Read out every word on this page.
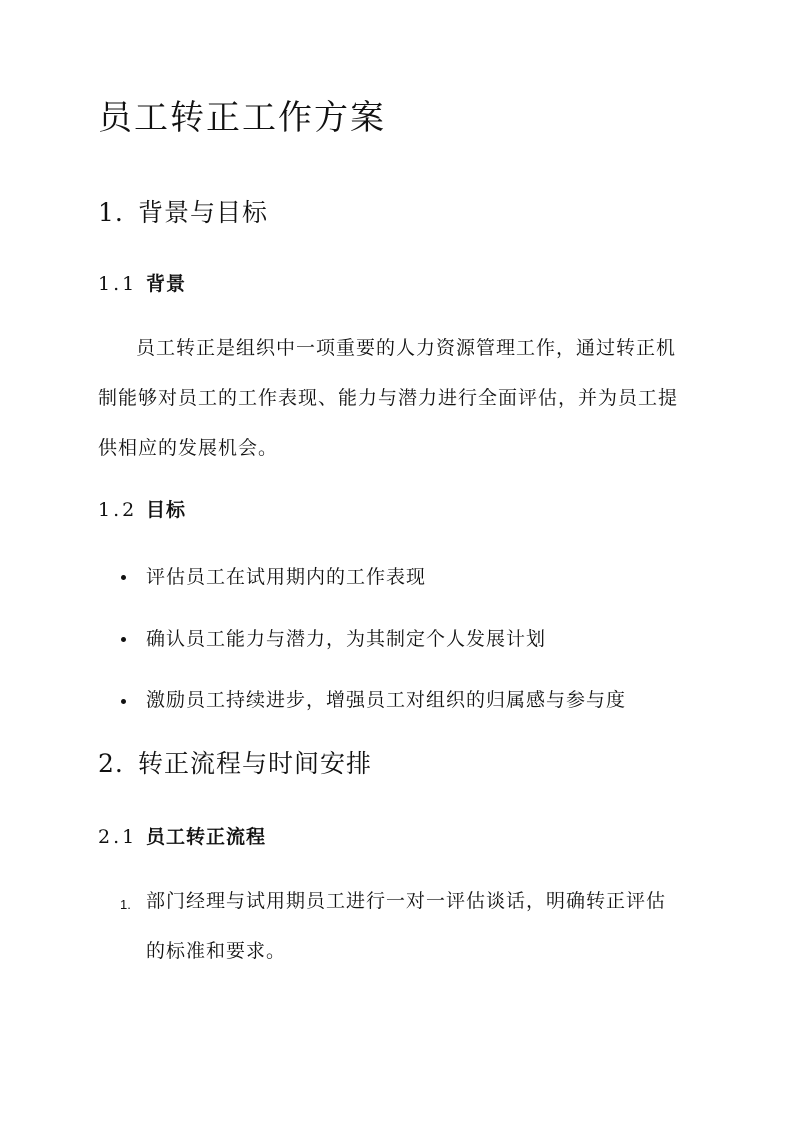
员工转正工作方案
1. 背景与目标
1.1 背景
员工转正是组织中一项重要的人力资源管理工作，通过转正机
制能够对员工的工作表现、能力与潜力进行全面评估，并为员工提
供相应的发展机会。
1.2 目标
评估员工在试用期内的工作表现
确认员工能力与潜力，为其制定个人发展计划
激励员工持续进步，增强员工对组织的归属感与参与度
2. 转正流程与时间安排
2.1 员工转正流程
1. 部门经理与试用期员工进行一对一评估谈话，明确转正评估
的标准和要求。
